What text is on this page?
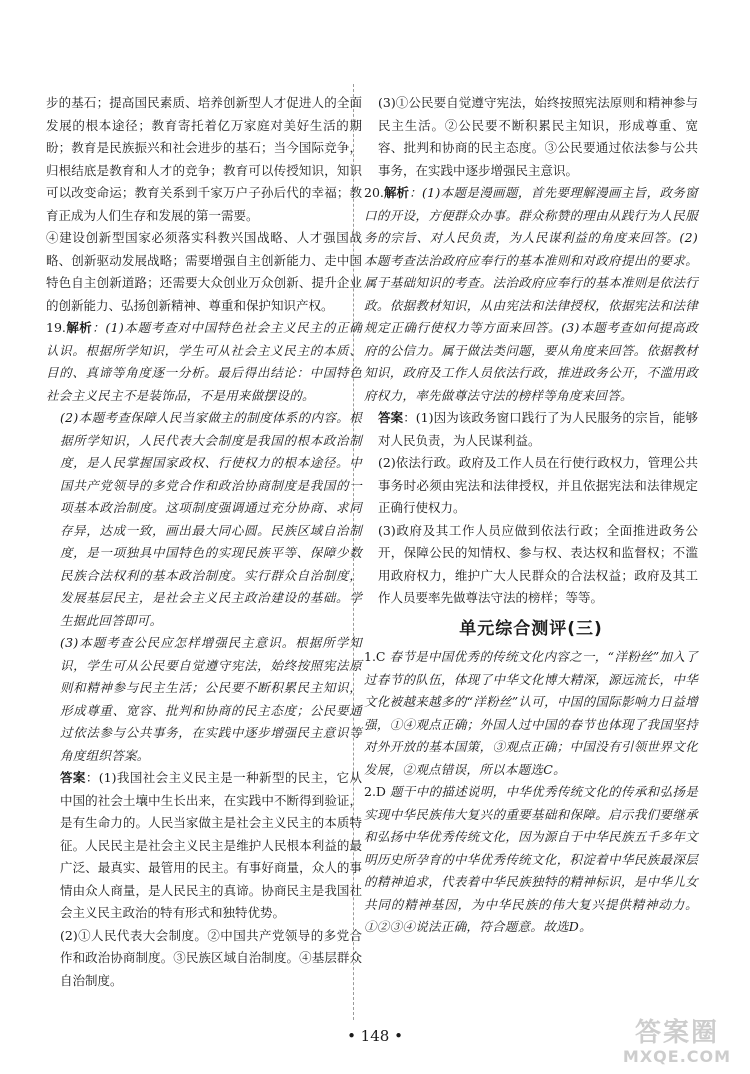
步的基石；提高国民素质、培养创新型人才促进人的全面发展的根本途径；教育寄托着亿万家庭对美好生活的期盼；教育是民族振兴和社会进步的基石；当今国际竞争，归根结底是教育和人才的竞争；教育可以传授知识，知识可以改变命运；教育关系到千家万户子孙后代的幸福；教育正成为人们生存和发展的第一需要。

④建设创新型国家必须落实科教兴国战略、人才强国战略、创新驱动发展战略；需要增强自主创新能力、走中国特色自主创新道路；还需要大众创业万众创新、提升企业的创新能力、弘扬创新精神、尊重和保护知识产权。

19.解析：(1)本题考查对中国特色社会主义民主的正确认识。根据所学知识，学生可从社会主义民主的本质、目的、真谛等角度逐一分析。最后得出结论：中国特色社会主义民主不是装饰品，不是用来做摆设的。

(2)本题考查保障人民当家做主的制度体系的内容。根据所学知识，人民代表大会制度是我国的根本政治制度，是人民掌握国家政权、行使权力的根本途径。中国共产党领导的多党合作和政治协商制度是我国的一项基本政治制度。这项制度强调通过充分协商、求同存异，达成一致，画出最大同心圆。民族区域自治制度，是一项独具中国特色的实现民族平等、保障少数民族合法权利的基本政治制度。实行群众自治制度，发展基层民主，是社会主义民主政治建设的基础。学生据此回答即可。

(3)本题考查公民应怎样增强民主意识。根据所学知识，学生可从公民要自觉遵守宪法，始终按照宪法原则和精神参与民主生活；公民要不断积累民主知识，形成尊重、宽容、批判和协商的民主态度；公民要通过依法参与公共事务，在实践中逐步增强民主意识等角度组织答案。

答案：(1)我国社会主义民主是一种新型的民主，它从中国的社会土壤中生长出来，在实践中不断得到验证，是有生命力的。人民当家做主是社会主义民主的本质特征。人民民主是社会主义民主是维护人民根本利益的最广泛、最真实、最管用的民主。有事好商量，众人的事情由众人商量，是人民民主的真谛。协商民主是我国社会主义民主政治的特有形式和独特优势。

(2)①人民代表大会制度。②中国共产党领导的多党合作和政治协商制度。③民族区域自治制度。④基层群众自治制度。

(3)①公民要自觉遵守宪法，始终按照宪法原则和精神参与民主生活。②公民要不断积累民主知识，形成尊重、宽容、批判和协商的民主态度。③公民要通过依法参与公共事务，在实践中逐步增强民主意识。

20.解析：(1)本题是漫画题，首先要理解漫画主旨，政务窗口的开设，方便群众办事。群众称赞的理由从践行为人民服务的宗旨、对人民负责，为人民谋利益的角度来回答。(2)本题考查法治政府应奉行的基本准则和对政府提出的要求。属于基础知识的考查。法治政府应奉行的基本准则是依法行政。依据教材知识，从由宪法和法律授权，依据宪法和法律规定正确行使权力等方面来回答。(3)本题考查如何提高政府的公信力。属于做法类问题，要从角度来回答。依据教材知识，政府及工作人员依法行政，推进政务公开，不滥用政府权力，率先做尊法守法的榜样等角度来回答。

答案：(1)因为该政务窗口践行了为人民服务的宗旨，能够对人民负责，为人民谋利益。

(2)依法行政。政府及工作人员在行使行政权力，管理公共事务时必须由宪法和法律授权，并且依据宪法和法律规定正确行使权力。

(3)政府及其工作人员应做到依法行政；全面推进政务公开，保障公民的知情权、参与权、表达权和监督权；不滥用政府权力，维护广大人民群众的合法权益；政府及其工作人员要率先做尊法守法的榜样；等等。

单元综合测评(三)

1.C 春节是中国优秀的传统文化内容之一，“洋粉丝”加入了过春节的队伍，体现了中华文化博大精深，源远流长，中华文化被越来越多的“洋粉丝”认可，中国的国际影响力日益增强，①④观点正确；外国人过中国的春节也体现了我国坚持对外开放的基本国策，③观点正确；中国没有引领世界文化发展，②观点错误，所以本题选C。

2.D 题干中的描述说明，中华优秀传统文化的传承和弘扬是实现中华民族伟大复兴的重要基础和保障。启示我们要继承和弘扬中华优秀传统文化，因为源自于中华民族五千多年文明历史所孕育的中华优秀传统文化，积淀着中华民族最深层的精神追求，代表着中华民族独特的精神标识，是中华儿女共同的精神基因，为中华民族的伟大复兴提供精神动力。①②③④说法正确，符合题意。故选D。

• 148 •	答案圈
MXQE.COM
